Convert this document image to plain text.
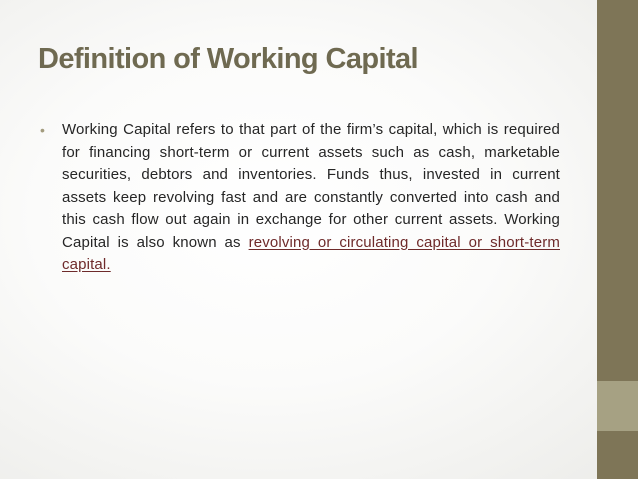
Definition of Working Capital
• Working Capital refers to that part of the firm’s capital, which is required for financing short-term or current assets such as cash, marketable securities, debtors and inventories. Funds thus, invested in current assets keep revolving fast and are constantly converted into cash and this cash flow out again in exchange for other current assets. Working Capital is also known as revolving or circulating capital or short-term capital.
